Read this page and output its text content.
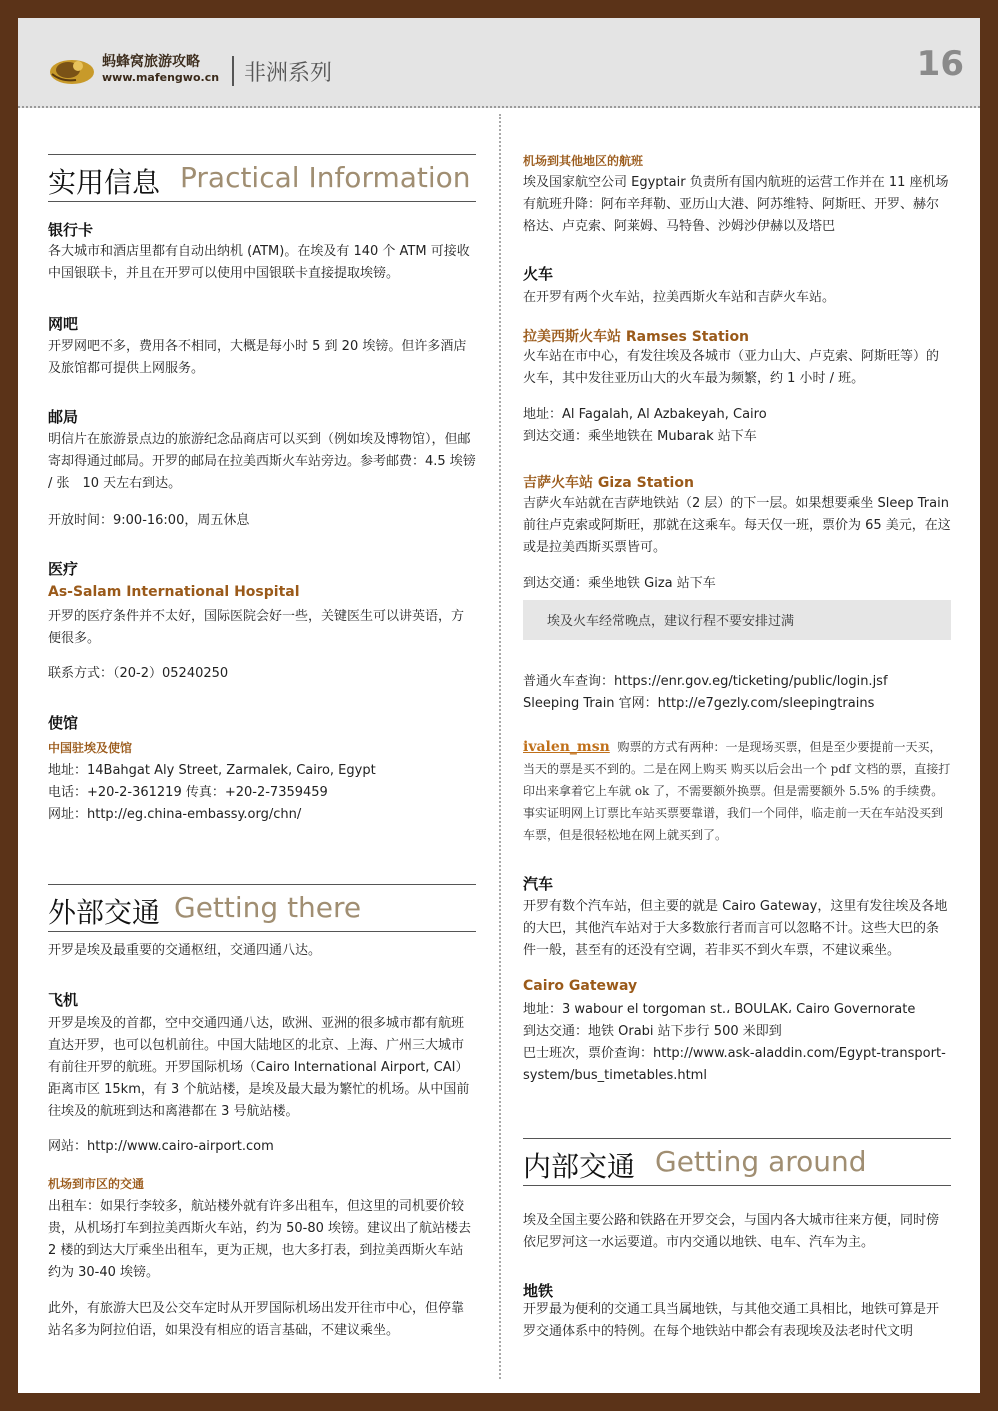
蚂蜂窝旅游攻略
www.mafengwo.cn 非洲系列	16
实用信息 Practical Information
银行卡

各大城市和酒店里都有自动出纳机 (ATM)。在埃及有 140 个 ATM 可接收中国银联卡，并且在开罗可以使用中国银联卡直接提取埃镑。

网吧

开罗网吧不多，费用各不相同，大概是每小时 5 到 20 埃镑。但许多酒店及旅馆都可提供上网服务。

邮局

明信片在旅游景点边的旅游纪念品商店可以买到（例如埃及博物馆），但邮寄却得通过邮局。开罗的邮局在拉美西斯火车站旁边。参考邮费：4.5 埃镑 / 张　10 天左右到达。

开放时间：9:00-16:00，周五休息

医疗
As-Salam International Hospital

开罗的医疗条件并不太好，国际医院会好一些，关键医生可以讲英语，方便很多。

联系方式：（20-2）05240250

使馆
中国驻埃及使馆

地址：14Bahgat Aly Street, Zarmalek, Cairo, Egypt

电话：+20-2-361219 传真：+20-2-7359459

网址：http://eg.china-embassy.org/chn/

外部交通 Getting there

开罗是埃及最重要的交通枢纽，交通四通八达。

飞机

开罗是埃及的首都，空中交通四通八达，欧洲、亚洲的很多城市都有航班直达开罗，也可以包机前往。中国大陆地区的北京、上海、广州三大城市有前往开罗的航班。开罗国际机场（Cairo International Airport, CAI）距离市区 15km，有 3 个航站楼，是埃及最大最为繁忙的机场。从中国前往埃及的航班到达和离港都在 3 号航站楼。

网站：http://www.cairo-airport.com

机场到市区的交通

出租车：如果行李较多，航站楼外就有许多出租车，但这里的司机要价较贵，从机场打车到拉美西斯火车站，约为 50-80 埃镑。建议出了航站楼去 2 楼的到达大厅乘坐出租车，更为正规，也大多打表，到拉美西斯火车站约为 30-40 埃镑。

此外，有旅游大巴及公交车定时从开罗国际机场出发开往市中心，但停靠站名多为阿拉伯语，如果没有相应的语言基础，不建议乘坐。

机场到其他地区的航班

埃及国家航空公司 Egyptair 负责所有国内航班的运营工作并在 11 座机场有航班升降：阿布辛拜勒、亚历山大港、阿苏维特、阿斯旺、开罗、赫尔格达、卢克索、阿莱姆、马特鲁、沙姆沙伊赫以及塔巴

火车

在开罗有两个火车站，拉美西斯火车站和吉萨火车站。

拉美西斯火车站 Ramses Station

火车站在市中心，有发往埃及各城市（亚力山大、卢克索、阿斯旺等）的火车，其中发往亚历山大的火车最为频繁，约 1 小时 / 班。

地址：Al Fagalah, Al Azbakeyah, Cairo

到达交通：乘坐地铁在 Mubarak 站下车

吉萨火车站 Giza Station

吉萨火车站就在吉萨地铁站（2 层）的下一层。如果想要乘坐 Sleep Train 前往卢克索或阿斯旺，那就在这乘车。每天仅一班，票价为 65 美元，在这或是拉美西斯买票皆可。

到达交通：乘坐地铁 Giza 站下车

埃及火车经常晚点，建议行程不要安排过满

普通火车查询：https://enr.gov.eg/ticketing/public/login.jsf

Sleeping Train 官网：http://e7gezly.com/sleepingtrains

ivalen_msn 购票的方式有两种：一是现场买票，但是至少要提前一天买，当天的票是买不到的。二是在网上购买 购买以后会出一个 pdf 文档的票，直接打印出来拿着它上车就 ok 了，不需要额外换票。但是需要额外 5.5% 的手续费。事实证明网上订票比车站买票要靠谱，我们一个同伴，临走前一天在车站没买到车票，但是很轻松地在网上就买到了。

汽车

开罗有数个汽车站，但主要的就是 Cairo Gateway，这里有发往埃及各地的大巴，其他汽车站对于大多数旅行者而言可以忽略不计。这些大巴的条件一般，甚至有的还没有空调，若非买不到火车票，不建议乘坐。

Cairo Gateway

地址：3 wabour el torgoman st.، BOULAK، Cairo Governorate

到达交通：地铁 Orabi 站下步行 500 米即到

巴士班次，票价查询：http://www.ask-aladdin.com/Egypt-transport-system/bus_timetables.html

内部交通 Getting around

埃及全国主要公路和铁路在开罗交会，与国内各大城市往来方便，同时傍依尼罗河这一水运要道。市内交通以地铁、电车、汽车为主。

地铁

开罗最为便利的交通工具当属地铁，与其他交通工具相比，地铁可算是开罗交通体系中的特例。在每个地铁站中都会有表现埃及法老时代文明
